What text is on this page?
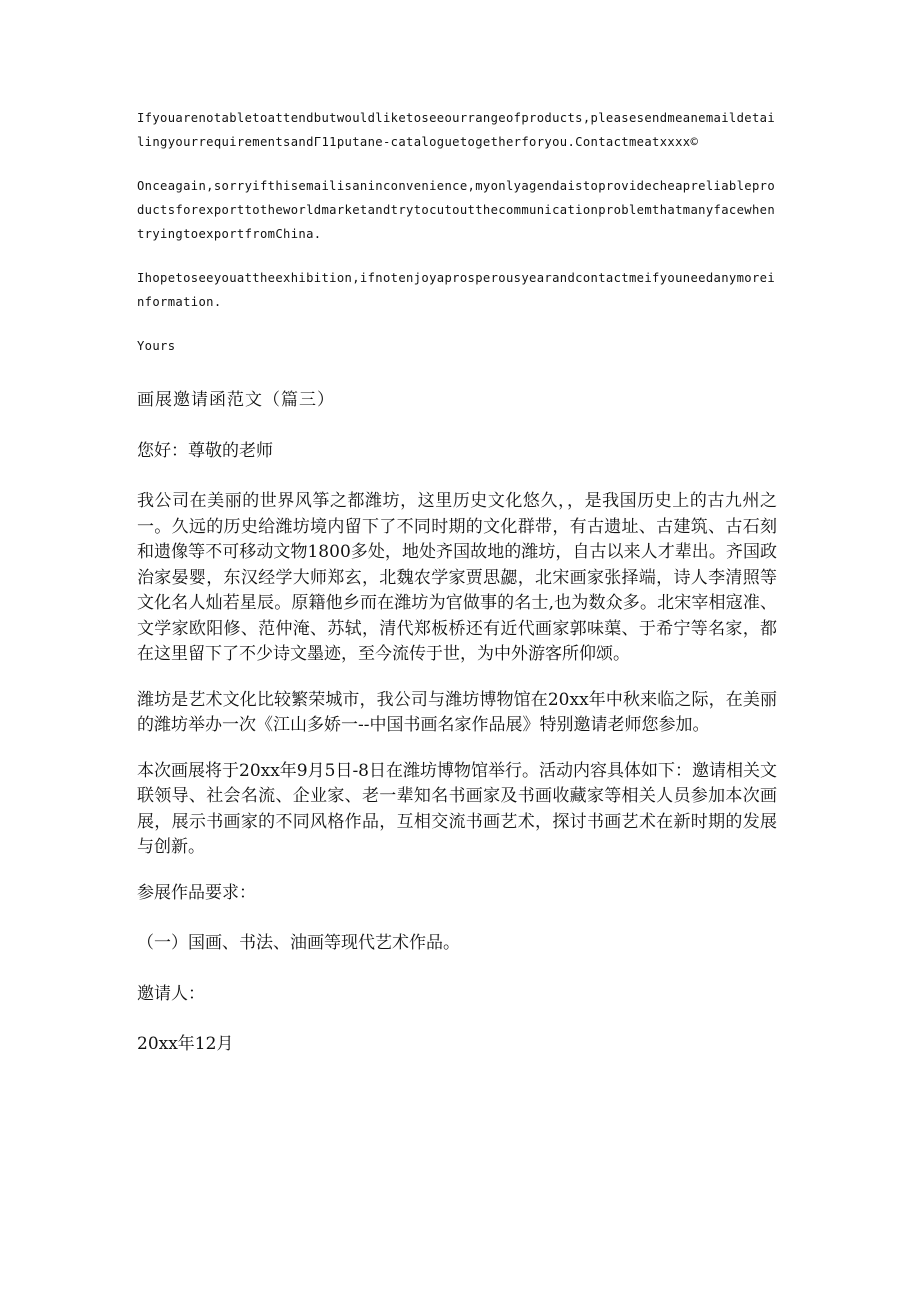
Ifyouarenotabletoattendbutwouldliketoseeourrangeofproducts,pleasesendmeanemaildetailingyourrequirementsandΓ11putane-cataloguetogetherforyou.Contactmeatxxxx©

Onceagain,sorryifthisemailisaninconvenience,myonlyagendaistoprovidecheapreliableproductsforexporttotheworldmarketandtrytocutoutthecommunicationproblemthatmanyfacewhentryingtoexportfromChina.

Ihopetoseeyouattheexhibition,ifnotenjoyaprosperousyearandcontactmeifyouneedanymoreinformation.

Yours

画展邀请函范文（篇三）

您好：尊敬的老师

我公司在美丽的世界风筝之都潍坊，这里历史文化悠久，，是我国历史上的古九州之一。久远的历史给潍坊境内留下了不同时期的文化群带，有古遗址、古建筑、古石刻和遗像等不可移动文物1800多处，地处齐国故地的潍坊，自古以来人才辈出。齐国政治家晏婴，东汉经学大师郑玄，北魏农学家贾思勰，北宋画家张择端，诗人李清照等文化名人灿若星辰。原籍他乡而在潍坊为官做事的名士,也为数众多。北宋宰相寇准、文学家欧阳修、范仲淹、苏轼，清代郑板桥还有近代画家郭味蕖、于希宁等名家，都在这里留下了不少诗文墨迹，至今流传于世，为中外游客所仰颂。

潍坊是艺术文化比较繁荣城市，我公司与潍坊博物馆在20xx年中秋来临之际，在美丽的潍坊举办一次《江山多娇一--中国书画名家作品展》特别邀请老师您参加。

本次画展将于20xx年9月5日-8日在潍坊博物馆举行。活动内容具体如下：邀请相关文联领导、社会名流、企业家、老一辈知名书画家及书画收藏家等相关人员参加本次画展，展示书画家的不同风格作品，互相交流书画艺术，探讨书画艺术在新时期的发展与创新。

参展作品要求：

（一）国画、书法、油画等现代艺术作品。

邀请人：

20xx年12月
